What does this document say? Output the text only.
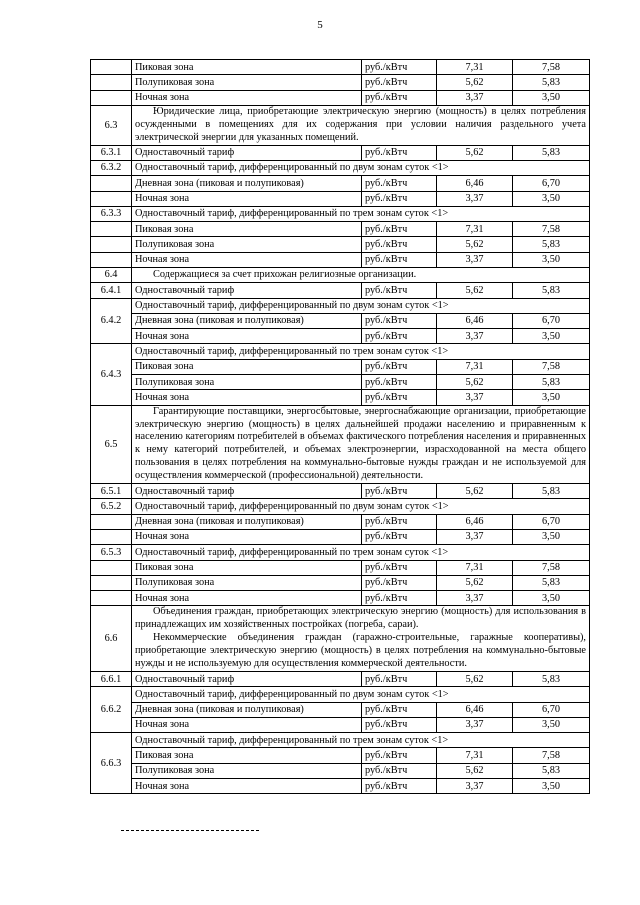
5
	Пиковая зона	руб./кВтч	7,31	7,58
	Полупиковая зона	руб./кВтч	5,62	5,83
	Ночная зона	руб./кВтч	3,37	3,50
6.3	Юридические лица, приобретающие электрическую энергию (мощность) в целях потребления осужденными в помещениях для их содержания при условии наличия раздельного учета электрической энергии для указанных помещений.			

6.3.1	Одноставочный тариф	руб./кВтч	5,62	5,83
6.3.2	Одноставочный тариф, дифференцированный по двум зонам суток <1>			
	Дневная зона (пиковая и полупиковая)	руб./кВтч	6,46	6,70
	Ночная зона	руб./кВтч	3,37	3,50
6.3.3	Одноставочный тариф, дифференцированный по трем зонам суток <1>			
	Пиковая зона	руб./кВтч	7,31	7,58
	Полупиковая зона	руб./кВтч	5,62	5,83
	Ночная зона	руб./кВтч	3,37	3,50
6.4	Содержащиеся за счет прихожан религиозные организации.			

6.4.1	Одноставочный тариф	руб./кВтч	5,62	5,83
6.4.2	Одноставочный тариф, дифференцированный по двум зонам суток <1>			
	Дневная зона (пиковая и полупиковая)	руб./кВтч	6,46	6,70
	Ночная зона	руб./кВтч	3,37	3,50
6.4.3	Одноставочный тариф, дифференцированный по трем зонам суток <1>			
	Пиковая зона	руб./кВтч	7,31	7,58
	Полупиковая зона	руб./кВтч	5,62	5,83
	Ночная зона	руб./кВтч	3,37	3,50
6.5	Гарантирующие поставщики, энергосбытовые, энергоснабжающие организации, приобретающие электрическую энергию (мощность) в целях дальнейшей продажи населению и приравненным к населению категориям потребителей в объемах фактического потребления населения и приравненных к нему категорий потребителей, и объемах электроэнергии, израсходованной на места общего пользования в целях потребления на коммунально-бытовые нужды граждан и не используемой для осуществления коммерческой (профессиональной) деятельности.			

6.5.1	Одноставочный тариф	руб./кВтч	5,62	5,83
6.5.2	Одноставочный тариф, дифференцированный по двум зонам суток <1>			
	Дневная зона (пиковая и полупиковая)	руб./кВтч	6,46	6,70
	Ночная зона	руб./кВтч	3,37	3,50
6.5.3	Одноставочный тариф, дифференцированный по трем зонам суток <1>			
	Пиковая зона	руб./кВтч	7,31	7,58
	Полупиковая зона	руб./кВтч	5,62	5,83
	Ночная зона	руб./кВтч	3,37	3,50
6.6	Объединения граждан, приобретающих электрическую энергию (мощность) для использования в принадлежащих им хозяйственных постройках (погреба, сараи).

Некоммерческие объединения граждан (гаражно-строительные, гаражные кооперативы), приобретающие электрическую энергию (мощность) в целях потребления на коммунально-бытовые нужды и не используемую для осуществления коммерческой деятельности.			

6.6.1	Одноставочный тариф	руб./кВтч	5,62	5,83
6.6.2	Одноставочный тариф, дифференцированный по двум зонам суток <1>			
	Дневная зона (пиковая и полупиковая)	руб./кВтч	6,46	6,70
	Ночная зона	руб./кВтч	3,37	3,50
6.6.3	Одноставочный тариф, дифференцированный по трем зонам суток <1>			
	Пиковая зона	руб./кВтч	7,31	7,58
	Полупиковая зона	руб./кВтч	5,62	5,83
	Ночная зона	руб./кВтч	3,37	3,50
